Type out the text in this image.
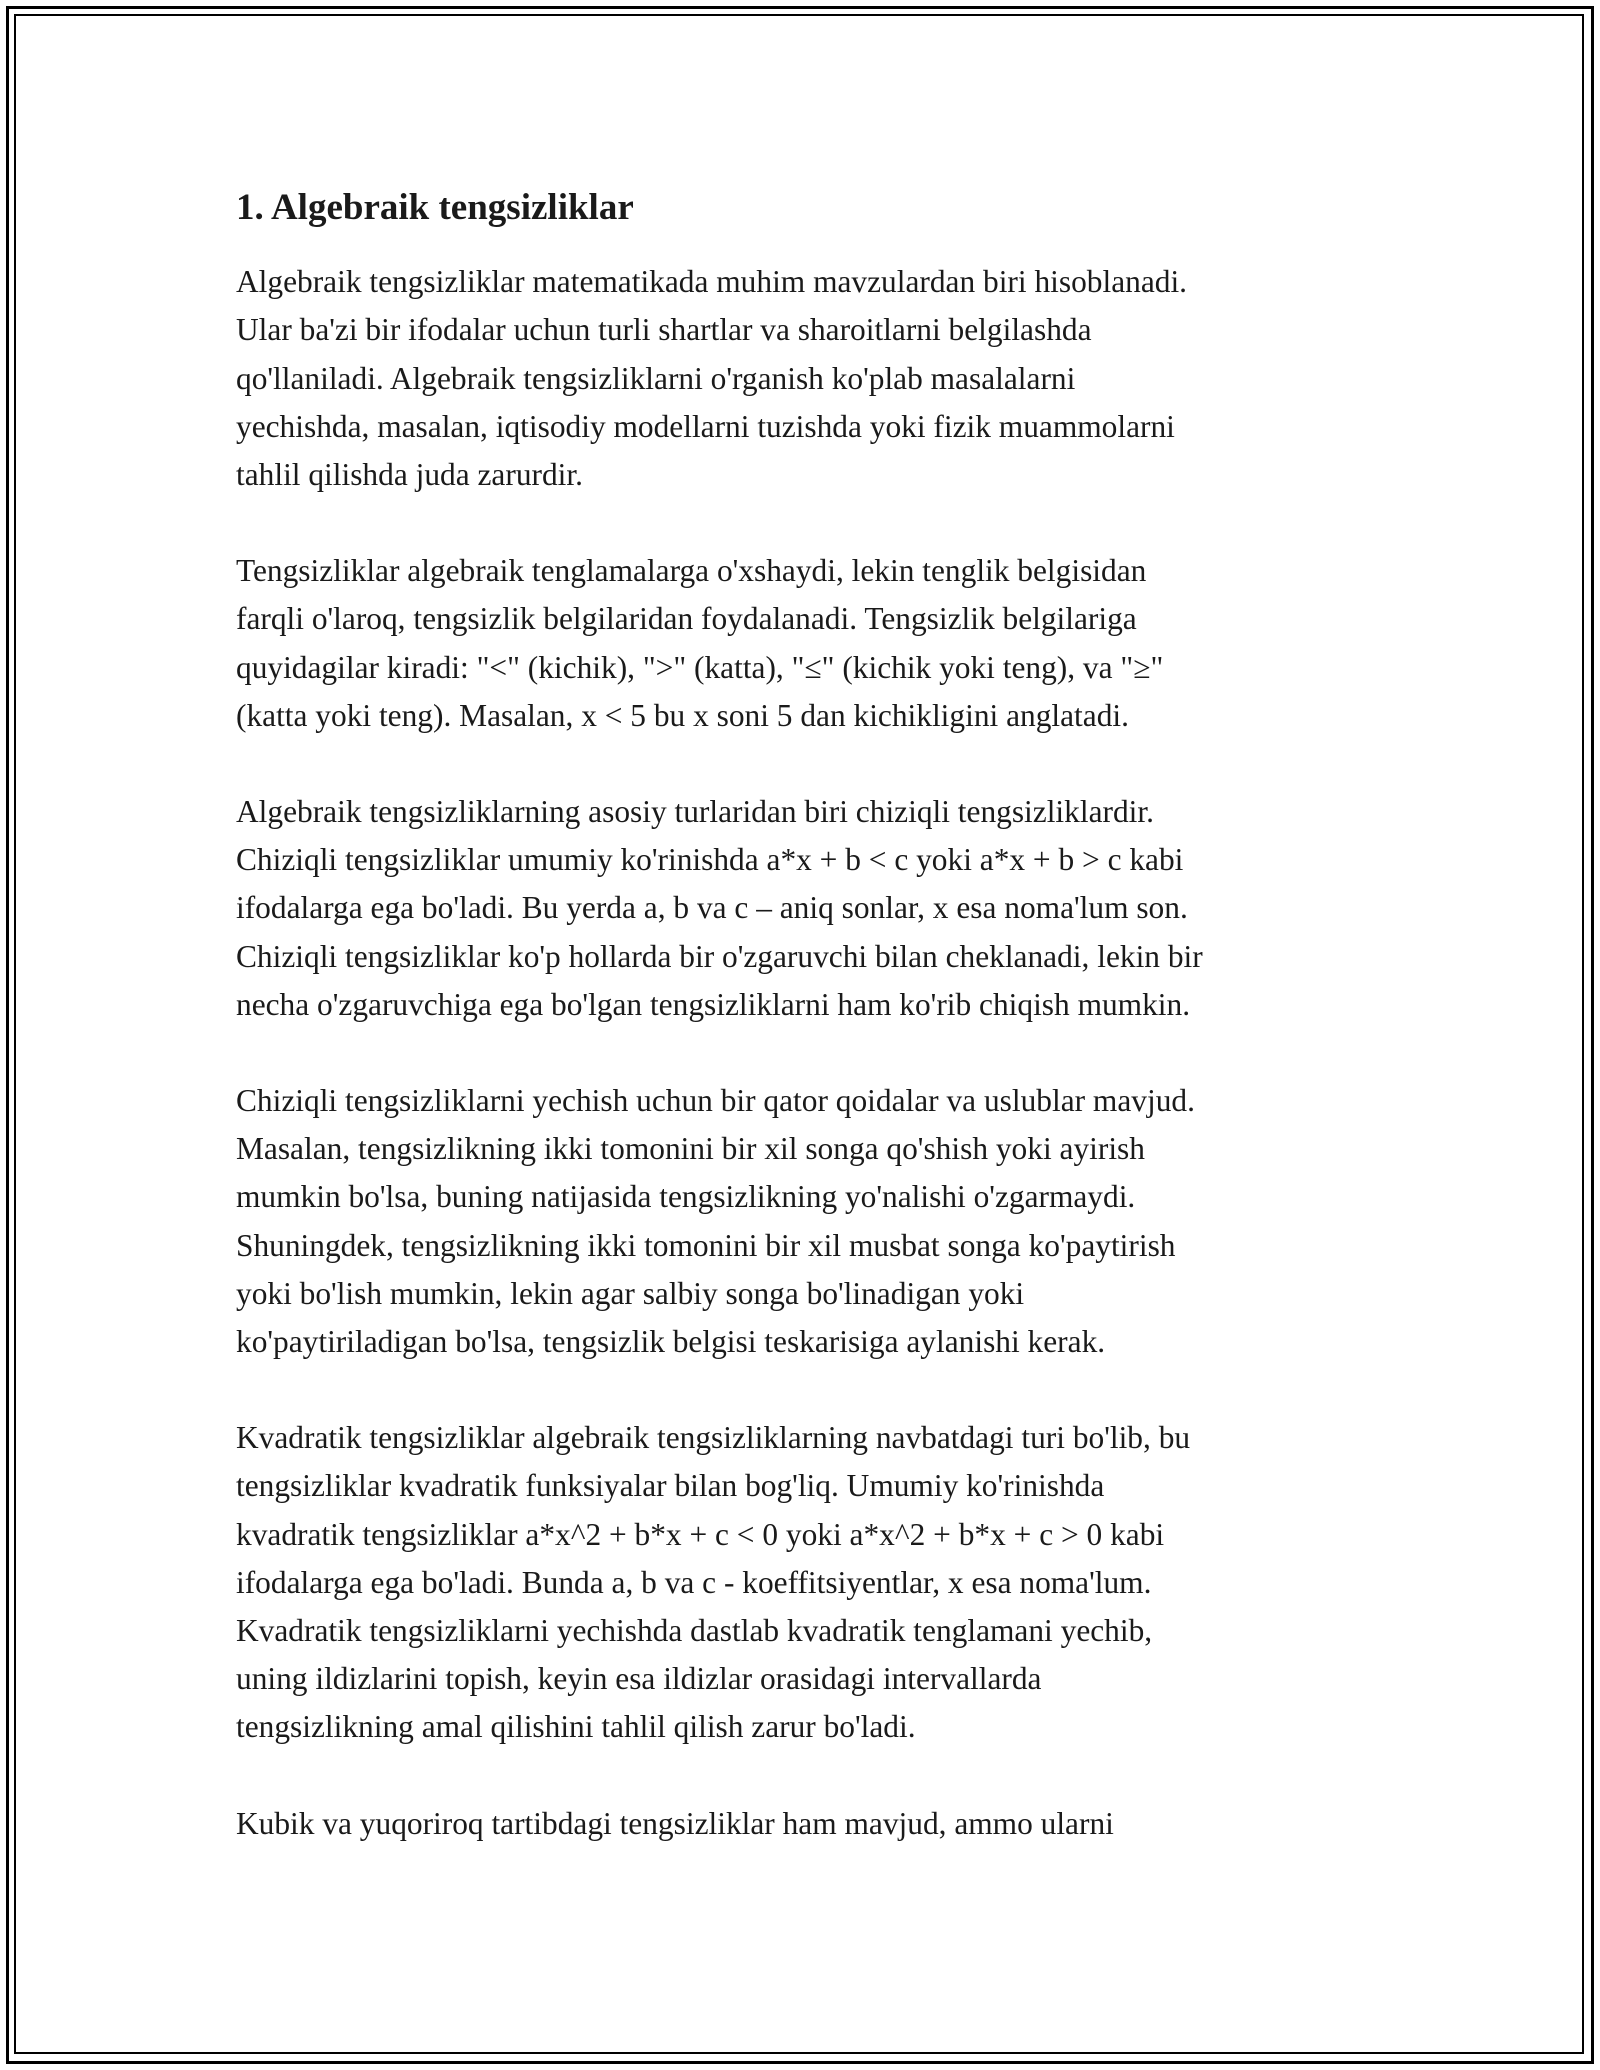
1. Algebraik tengsizliklar

Algebraik tengsizliklar matematikada muhim mavzulardan biri hisoblanadi.
Ular ba'zi bir ifodalar uchun turli shartlar va sharoitlarni belgilashda
qo'llaniladi. Algebraik tengsizliklarni o'rganish ko'plab masalalarni
yechishda, masalan, iqtisodiy modellarni tuzishda yoki fizik muammolarni
tahlil qilishda juda zarurdir.

Tengsizliklar algebraik tenglamalarga o'xshaydi, lekin tenglik belgisidan
farqli o'laroq, tengsizlik belgilaridan foydalanadi. Tengsizlik belgilariga
quyidagilar kiradi: "<" (kichik), ">" (katta), "≤" (kichik yoki teng), va "≥"
(katta yoki teng). Masalan, x < 5 bu x soni 5 dan kichikligini anglatadi.

Algebraik tengsizliklarning asosiy turlaridan biri chiziqli tengsizliklardir.
Chiziqli tengsizliklar umumiy ko'rinishda a*x + b < c yoki a*x + b > c kabi
ifodalarga ega bo'ladi. Bu yerda a, b va c – aniq sonlar, x esa noma'lum son.
Chiziqli tengsizliklar ko'p hollarda bir o'zgaruvchi bilan cheklanadi, lekin bir
necha o'zgaruvchiga ega bo'lgan tengsizliklarni ham ko'rib chiqish mumkin.

Chiziqli tengsizliklarni yechish uchun bir qator qoidalar va uslublar mavjud.
Masalan, tengsizlikning ikki tomonini bir xil songa qo'shish yoki ayirish
mumkin bo'lsa, buning natijasida tengsizlikning yo'nalishi o'zgarmaydi.
Shuningdek, tengsizlikning ikki tomonini bir xil musbat songa ko'paytirish
yoki bo'lish mumkin, lekin agar salbiy songa bo'linadigan yoki
ko'paytiriladigan bo'lsa, tengsizlik belgisi teskarisiga aylanishi kerak.

Kvadratik tengsizliklar algebraik tengsizliklarning navbatdagi turi bo'lib, bu
tengsizliklar kvadratik funksiyalar bilan bog'liq. Umumiy ko'rinishda
kvadratik tengsizliklar a*x^2 + b*x + c < 0 yoki a*x^2 + b*x + c > 0 kabi
ifodalarga ega bo'ladi. Bunda a, b va c - koeffitsiyentlar, x esa noma'lum.
Kvadratik tengsizliklarni yechishda dastlab kvadratik tenglamani yechib,
uning ildizlarini topish, keyin esa ildizlar orasidagi intervallarda
tengsizlikning amal qilishini tahlil qilish zarur bo'ladi.

Kubik va yuqoriroq tartibdagi tengsizliklar ham mavjud, ammo ularni
